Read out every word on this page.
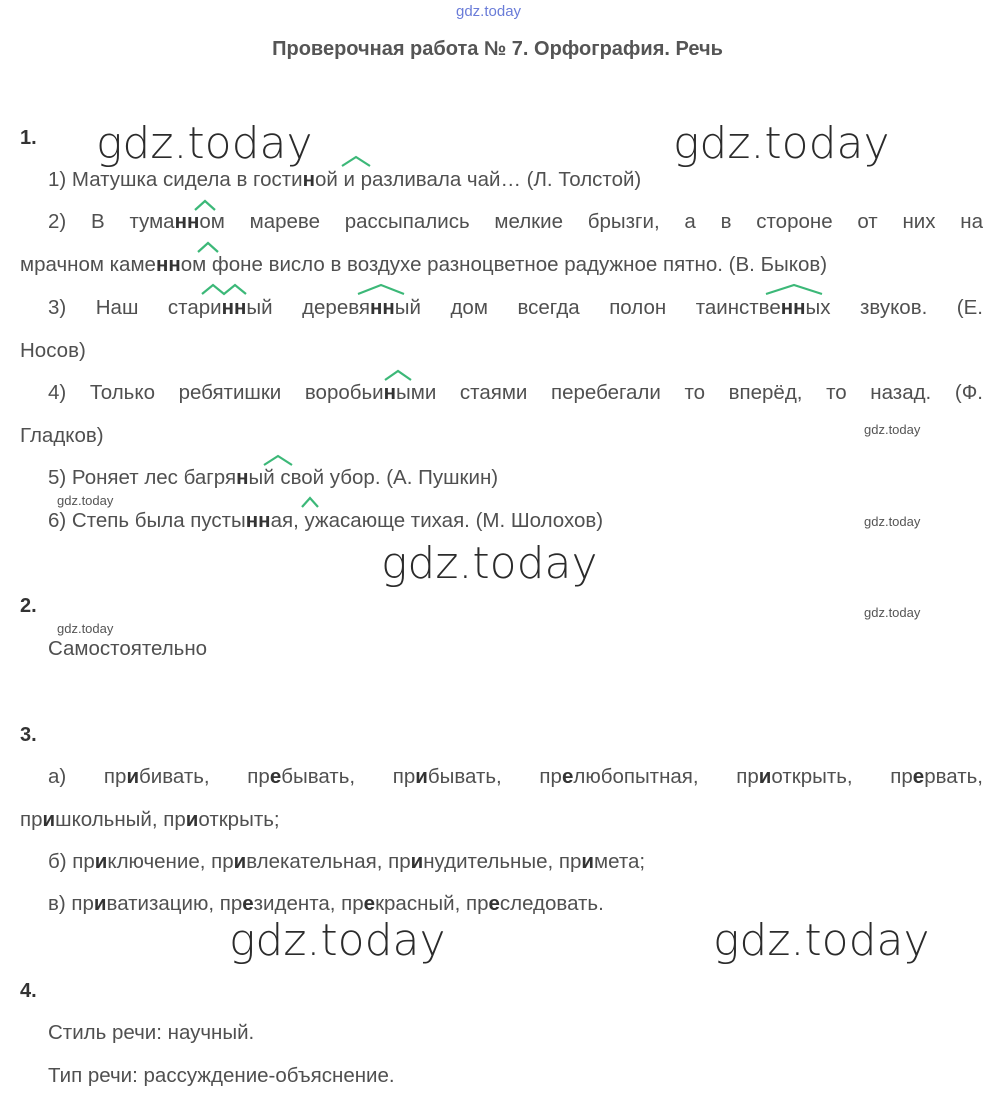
gdz.today
Проверочная работа № 7. Орфография. Речь
gdz.today	gdz.today
gdz.today
gdz.today	gdz.today
gdz.today
gdz.today
gdz.today
gdz.today
gdz.today
1.
1) Матушка сидела в гостиной и разливала чай… (Л. Толстой)
2) В туманном мареве рассыпались мелкие брызги, а в стороне от них на
мрачном каменном фоне висло в воздухе разноцветное радужное пятно. (В. Быков)
3) Наш старинный деревянный дом всегда полон таинственных звуков. (Е.
Носов)
4) Только ребятишки воробьиными стаями перебегали то вперёд, то назад. (Ф.
Гладков)
5) Роняет лес багряный свой убор. (А. Пушкин)
6) Степь была пустынная, ужасающе тихая. (М. Шолохов)
2.
Самостоятельно
3.
а) прибивать, пребывать, прибывать, прелюбопытная, приоткрыть, прервать,
пришкольный, приоткрыть;
б) приключение, привлекательная, принудительные, примета;
в) приватизацию, президента, прекрасный, преследовать.
4.
Стиль речи: научный.
Тип речи: рассуждение-объяснение.
